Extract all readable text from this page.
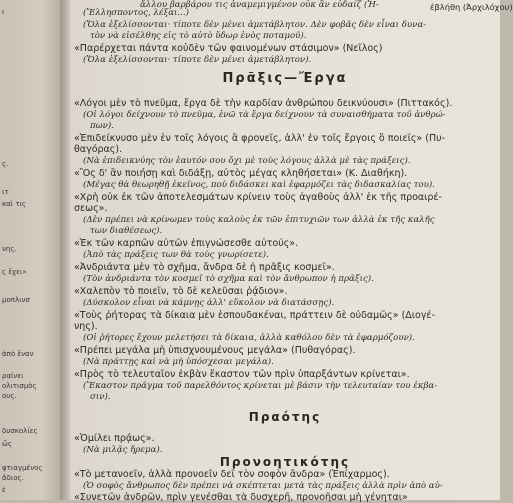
ι
ς.
ιτ
καὶ τις
νης.
ς ἔχει»
μοπλινσ
ἀπὸ ἔναν
ραίνει
ολιτισμὸς
ους.
δυσκολίες
ὥς
φτιαγμένος
ἄδιος.
ὲ
ἐβλήθη (Ἀρχιλόχου)
ἄλλου βαρβάρου τις ἀναμεμιγμένον οὐκ ἂν εὐδαίζ (Ἡ-
(Ἕλλησποντος, λέξαι...)
(Ὅλα ἐξελίσσονται· τίποτε δὲν μένει ἀμετάβλητον. Δὲν φοβᾶς δὲν εἶναι δυνα-
τὸν νὰ εἰσέλθης εἰς τὸ αὐτὸ ὕδωρ ἑνὸς ποταμοῦ).
«Παρέρχεται πάντα κοὐδὲν τῶν φαινομένων στάσιμον» (Νεῖλος)
(Ὅλα ἐξελίσσονται· τίποτε δὲν μένει ἀμετάβλητον).
«Λόγοι μὲν τὸ πνεῦμα, ἔργα δὲ τὴν καρδίαν ἀνθρώπου δεικνύουσι» (Πιττακός).
(Οἱ λόγοι δείχνουν τὸ πνεῦμα, ἐνῶ τὰ ἔργα δείχνουν τὰ συναισθήματα τοῦ ἀνθρώ-
πων).
«Ἐπιδείκνυσο μὲν ἐν τοῖς λόγοις ἃ φρονεῖς, ἀλλ' ἐν τοῖς ἔργοις ὃ ποιεῖς» (Πυ-
θαγόρας).
(Νὰ ἐπιδεικνύης τὸν ἑαυτόν σου ὄχι μὲ τοὺς λόγους ἀλλὰ μὲ τὰς πράξεις).
«Ὃς δ' ἂν ποιήσῃ καὶ διδάξῃ, αὐτὸς μέγας κληθήσεται» (Κ. Διαθήκη).
(Μέγας θὰ θεωρηθῇ ἐκεῖνος, ποὺ διδάσκει καὶ ἐφαρμόζει τὰς διδασκαλίας του).
«Χρὴ οὐκ ἐκ τῶν ἀποτελεσμάτων κρίνειν τοὺς ἀγαθοὺς ἀλλ' ἐκ τῆς προαιρέ-
σεως».
(Δὲν πρέπει νὰ κρίνωμεν τοὺς καλοὺς ἐκ τῶν ἐπιτυχιῶν των ἀλλὰ ἐκ τῆς καλῆς
των διαθέσεως).
«Ἐκ τῶν καρπῶν αὐτῶν ἐπιγνώσεσθε αὐτούς».
(Ἀπὸ τὰς πράξεις των θὰ τοὺς γνωρίσετε).
«Ἀνδριάντα μὲν τὸ σχῆμα, ἄνδρα δὲ ἡ πρᾶξις κοσμεῖ».
(Τὸν ἀνδριάντα τὸν κοσμεῖ τὸ σχῆμα καὶ τὸν ἄνθρωπον ἡ πρᾶξις).
«Χαλεπὸν τὸ ποιεῖν, τὸ δὲ κελεῦσαι ῥᾴδιον».
(Δύσκολον εἶναι νὰ κάμνῃς ἀλλ' εὔκολον νὰ διατάσσῃς).
«Τοὺς ῥήτορας τὰ δίκαια μὲν ἐσπουδακέναι, πράττειν δὲ οὐδαμῶς» (Διογέ-
νης).
(Οἱ ῥήτορες ἔχουν μελετήσει τὰ δίκαια, ἀλλὰ καθόλου δὲν τὰ ἐφαρμόζουν).
«Πρέπει μεγάλα μὴ ὑπισχνουμένους μεγάλα» (Πυθαγόρας).
(Νὰ πράττῃς καὶ νὰ μὴ ὑπόσχεσαι μεγάλα).
«Πρὸς τὸ τελευταῖον ἐκβὰν ἕκαστον τῶν πρὶν ὑπαρξάντων κρίνεται».
(Ἕκαστον πρᾶγμα τοῦ παρελθόντος κρίνεται μὲ βάσιν τὴν τελευταίαν του ἐκβα-
σιν).
«Ὁμίλει πρᾴως».
(Νὰ μιλᾷς ἤρεμα).
«Τὸ μετανοεῖν, ἀλλὰ προνοεῖν δεῖ τὸν σοφὸν ἄνδρα» (Ἐπίχαρμος).
(Ὁ σοφὸς ἄνθρωπος δὲν πρέπει νὰ σκέπτεται μετὰ τὰς πράξεις ἀλλὰ πρὶν ἀπὸ αὐ-
«Συνετῶν ἀνδρῶν, πρὶν γενέσθαι τὰ δυσχερῆ, προνοῆσαι μὴ γένηται»
Πρᾶξις—Ἔργα
Πραότης
Προνοητικότης
